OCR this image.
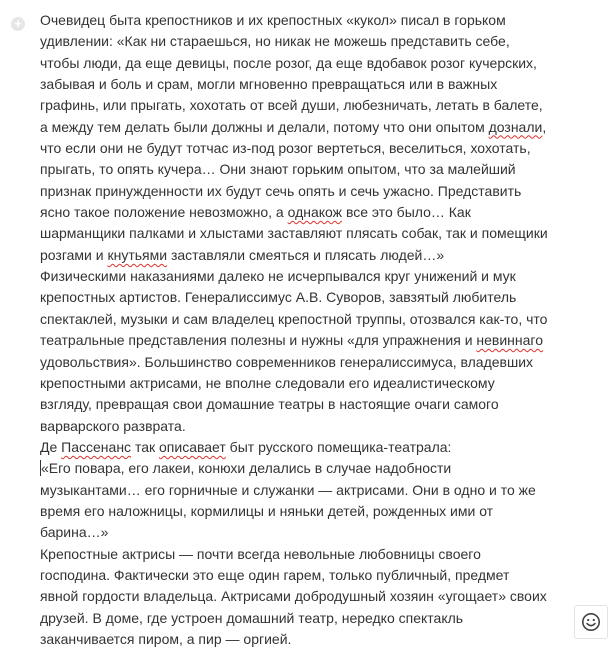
+ Очевидец быта крепостников и их крепостных «кукол» писал в горьком
удивлении: «Как ни старaeшься, но никак не можешь представить себе,
чтобы люди, да еще девицы, после розог, да еще вдобавок розог кучерских,
забывая и боль и срам, могли мгновенно превращаться или в важных
графинь, или прыгать, хохотать от всей души, любезничать, летать в балете,
а между тем делать были должны и делали, потому что они опытом дознали,
что если они не будут тотчас из-под розог вертеться, веселиться, хохотать,
прыгать, то опять кучера… Они знают горьким опытом, что за малейший
признак принужденности их будут сечь опять и сечь ужасно. Представить
ясно такое положение невозможно, а однакож все это было… Как
шарманщики палками и хлыстами заставляют плясать собак, так и помещики
розгами и кнутьями заставляли смеяться и плясать людей…»
Физическими наказаниями далеко не исчерпывался круг унижений и мук
крепостных артистов. Генералиссимус А.В. Суворов, завзятый любитель
спектаклей, музыки и сам владелец крепостной труппы, отозвался как-то, что
театральные представления полезны и нужны «для упражнения и невиннаго
удовольствия». Большинство современников генералиссимуса, владевших
крепостными актрисами, не вполне следовали его идеалистическому
взгляду, превращая свои домашние театры в настоящие очаги самого
варварского разврата.
Де Пассенанс так описавает быт русского помещика-театрала:
«Его повара, его лакеи, конюхи делались в случае надобности
музыкантами… его горничные и служанки — актрисами. Они в одно и то же
время его наложницы, кормилицы и няньки детей, рожденных ими от
барина…»
Крепостные актрисы — почти всегда невольные любовницы своего
господина. Фактически это еще один гарем, только публичный, предмет
явной гордости владельца. Актрисами добродушный хозяин «угощает» своих
друзей. В доме, где устроен домашний театр, нередко спектакль
заканчивается пиром, а пир — оргией.
